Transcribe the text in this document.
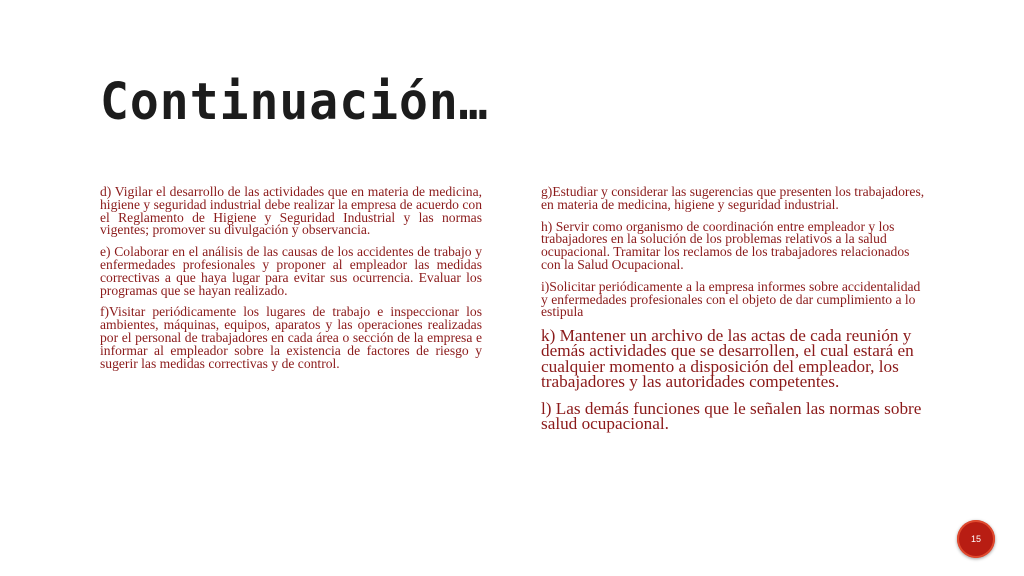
Continuación…

d) Vigilar el desarrollo de las actividades que en materia de medicina, higiene y seguridad industrial debe realizar la empresa de acuerdo con el Reglamento de Higiene y Seguridad Industrial y las normas vigentes; promover su divulgación y observancia.

e) Colaborar en el análisis de las causas de los accidentes de trabajo y enfermedades profesionales y proponer al empleador las medidas correctivas a que haya lugar para evitar sus ocurrencia. Evaluar los programas que se hayan realizado.

f)Visitar periódicamente los lugares de trabajo e inspeccionar los ambientes, máquinas, equipos, aparatos y las operaciones realizadas por el personal de trabajadores en cada área o sección de la empresa e informar al empleador sobre la existencia de factores de riesgo y sugerir las medidas correctivas y de control.

g)Estudiar y considerar las sugerencias que presenten los trabajadores, en materia de medicina, higiene y seguridad industrial.

h) Servir como organismo de coordinación entre empleador y los trabajadores en la solución de los problemas relativos a la salud ocupacional. Tramitar los reclamos de los trabajadores relacionados con la Salud Ocupacional.

i)Solicitar periódicamente a la empresa informes sobre accidentalidad y enfermedades profesionales con el objeto de dar cumplimiento a lo estipula

k) Mantener un archivo de las actas de cada reunión y demás actividades que se desarrollen, el cual estará en cualquier momento a disposición del empleador, los trabajadores y las autoridades competentes.

l) Las demás funciones que le señalen las normas sobre salud ocupacional.

15
